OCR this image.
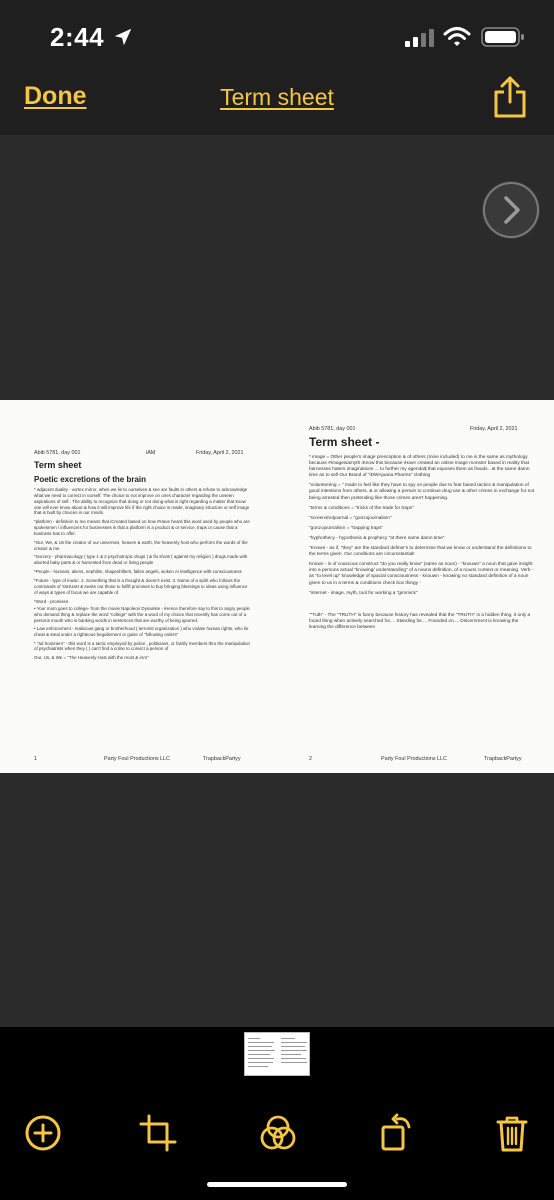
2:44
Done	Term sheet
Abib 5781, day 001	iAM	Friday, April 2, 2021
Term sheet
Poetic excretions of the brain

* adjacent duality - vortex mirror, when we lie to ourselves & see are faults in others & refuse to acknowledge what we need to correct in ourself. The choice to not improve on ones character regarding the unseen aspirations of self.. The ability to recognize that doing or not doing what is right regarding a matter that know one will ever know about & how it will improve life if the right choice is made, imaginary structure or self image that is built by choices in our minds.

*platform - definition to me means that iCreated based on how #Have heard this word used by people who are spokesmen / influencers for businesses is that a platform is a product & or service, traps or cause that a business has to offer.

*Our, We, & Us the creator of our universes, heaven & earth, the heavenly host who perform the words of the creator & me.

*Sorcery - pharmacology ( type 1 & 2 psychotropic drugs ) & flu shots ( against my religion ) drugs made with aborted baby parts & or harvested from dead or living people

*People - humans, aliens, nephilim, shapeshifters, fallen angels, woken Ai intelligence with consciousness

*Future - type of music. 2. Something that is a thought & doesn't exist. 3. Name of a spirit who follows the commands of YaHUaH & seeks out those to fulfill promises to buy bringing blessings to ideas using influence of ways & types of focus we are capable of.

*Word - promises

• Your mom goes to college- from the movie Napoleon Dynamite - iHence therefore say to this to angry people who demand thing & replace the word "college" with the a word of my choice that recently has come out of a persons mouth who is banking words in sentences that are worthy of being ignored.

• Law enforcement - malicious gang or brotherhood ( terrorist organization ) who violate human rights, who lie cheat & steal under a righteous beguilement or guise of "following orders"

* "ad hominem" - this word is a tactic employed by police , politicians, or family members thru the manipulation of psychiatrists when they ( ) can't find a crime to convict a person of

Our, Us, & We = "The Heavenly Host with the most & iAm"

1	Party Foul Productions LLC	TrapbackPartyy
Abib 5781, day 001	Friday, April 2, 2021
Term sheet -

* image = Other people's image prescription & of others (mine included) to me is the same as mythology because #imageisamyth iKnow this because iHave created an online image monster based in reality that harnesses haters imaginations ... to further my agenda$ that exposes them as frauds.. at the same damn time as to sell Our Brand of "iDWAjuana Pharms" clothing

"volunteering = " made to feel like they have to spy on people due to fear based tactics & manipulation of good intentions from others. & or allowing a person to continue drug use & other crimes in exchange for not being arrested then pretending like those crimes aren't happening.

"terms & conditions = "tricks of the trade for traps"

"screenshotjournal = "gonzojournalism"

"gonzojournalism = "trapping traps"

"hyphothecy - hypothesis & prophecy "at there same damn time"

"Known - as if, "they" are the standard definer's to determine that we know or understand the definitions to the terms given. Our conditions are circumstantial!

Known - is of couscous construct "do you really know" (same as noun) - "knouwn" a noun that gave insight into a persons actual "knowing/ understanding" of a nouns definition, of a nouns context or meaning. Verb - as "to level up" knowledge of spacial consciousness - knouwn - knowing no standard definition of a noun given to us in a terms & conditions check box thingy -

"internet - image, myth, tool for working a "gimmick"

""Tuth" - The "TRUTH" is funny because history has revealed that the "TRUTH" is a hidden thing, it only a found thing when actively searched for.... Standing for.... Founded on.... Discernment is knowing the learning the difference between

2	Party Foul Productions LLC	TrapbackPartyy
